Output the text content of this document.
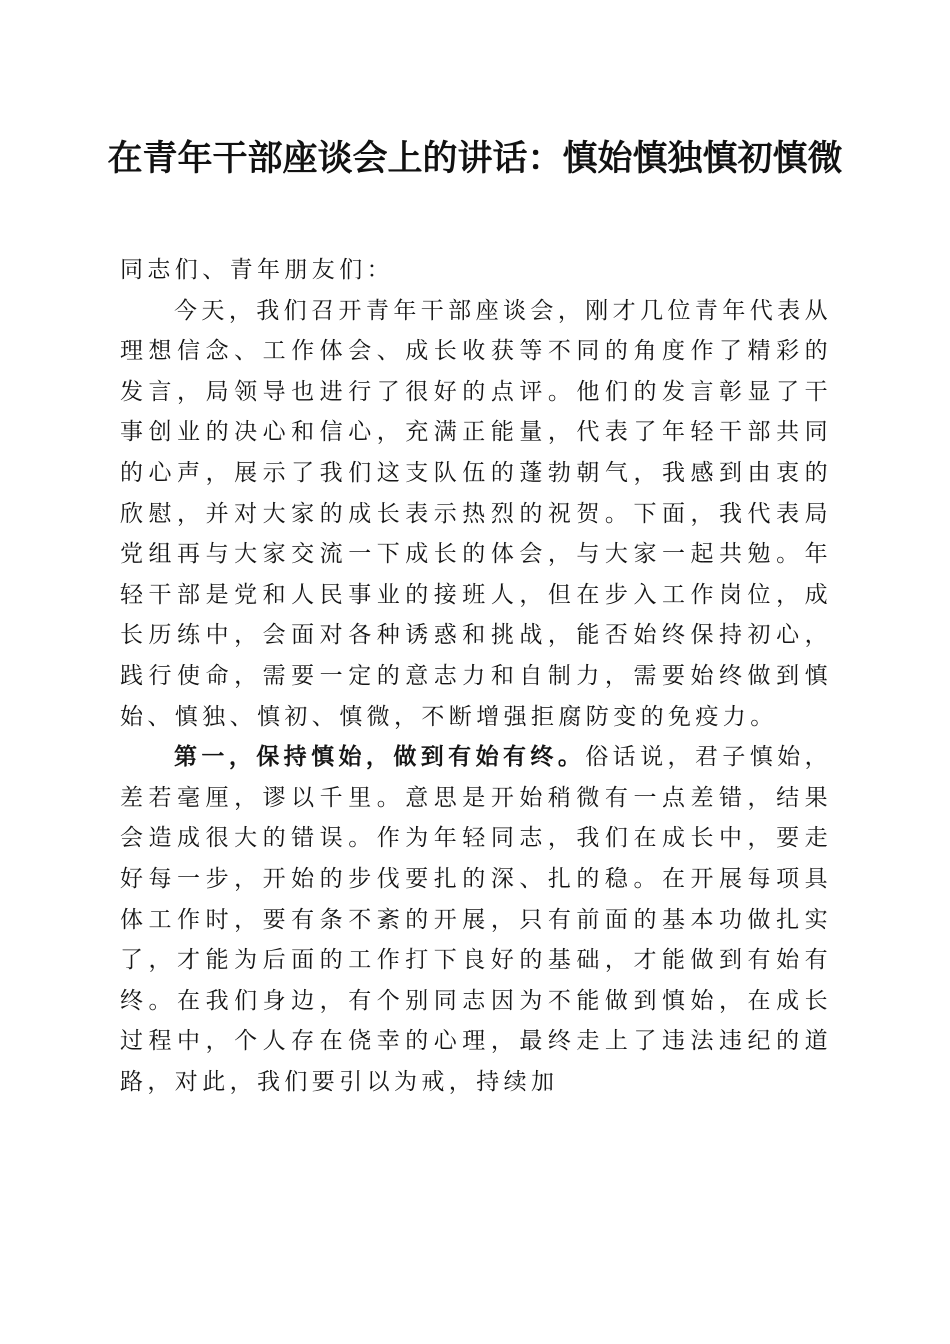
在青年干部座谈会上的讲话：慎始慎独慎初慎微

同志们、青年朋友们：

今天，我们召开青年干部座谈会，刚才几位青年代表从理想信念、工作体会、成长收获等不同的角度作了精彩的发言，局领导也进行了很好的点评。他们的发言彰显了干事创业的决心和信心，充满正能量，代表了年轻干部共同的心声，展示了我们这支队伍的蓬勃朝气，我感到由衷的欣慰，并对大家的成长表示热烈的祝贺。下面，我代表局党组再与大家交流一下成长的体会，与大家一起共勉。年轻干部是党和人民事业的接班人，但在步入工作岗位，成长历练中，会面对各种诱惑和挑战，能否始终保持初心，践行使命，需要一定的意志力和自制力，需要始终做到慎始、慎独、慎初、慎微，不断增强拒腐防变的免疫力。

第一，保持慎始，做到有始有终。俗话说，君子慎始，差若毫厘，谬以千里。意思是开始稍微有一点差错，结果会造成很大的错误。作为年轻同志，我们在成长中，要走好每一步，开始的步伐要扎的深、扎的稳。在开展每项具体工作时，要有条不紊的开展，只有前面的基本功做扎实了，才能为后面的工作打下良好的基础，才能做到有始有终。在我们身边，有个别同志因为不能做到慎始，在成长过程中，个人存在侥幸的心理，最终走上了违法违纪的道路，对此，我们要引以为戒，持续加
